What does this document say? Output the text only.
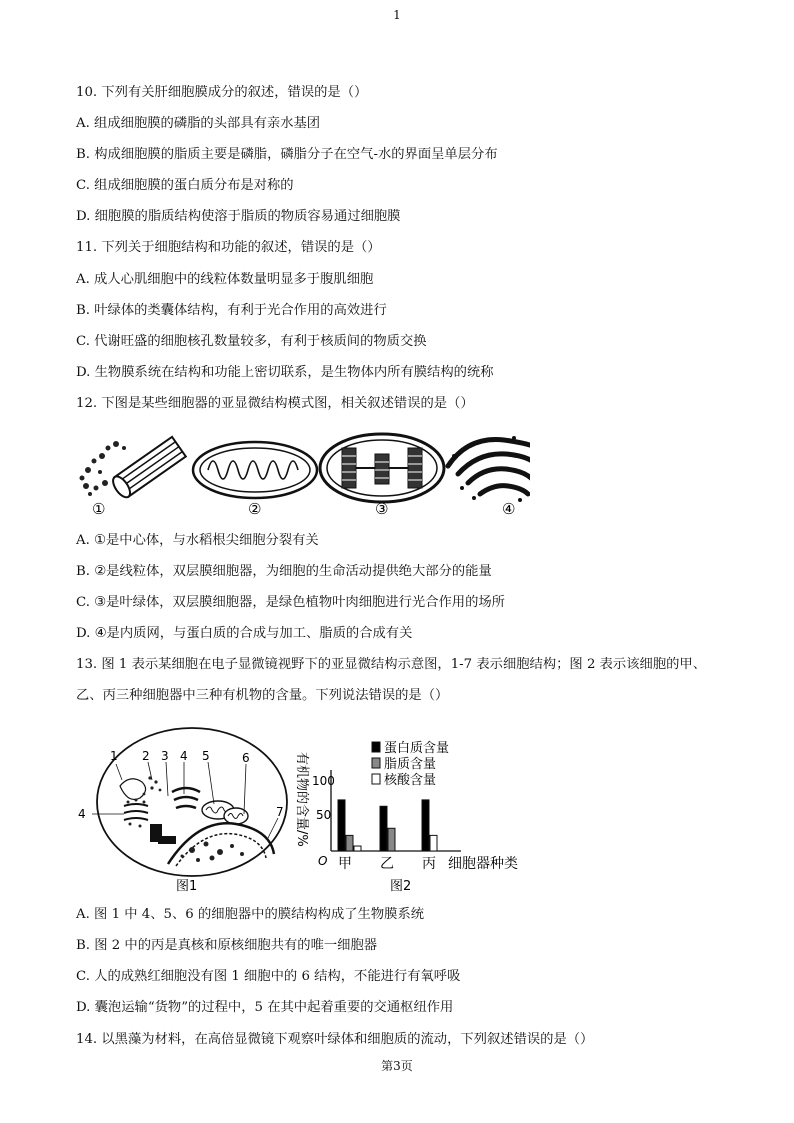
1
10. 下列有关肝细胞膜成分的叙述，错误的是（）
A. 组成细胞膜的磷脂的头部具有亲水基团
B. 构成细胞膜的脂质主要是磷脂，磷脂分子在空气-水的界面呈单层分布
C. 组成细胞膜的蛋白质分布是对称的
D. 细胞膜的脂质结构使溶于脂质的物质容易通过细胞膜
11. 下列关于细胞结构和功能的叙述，错误的是（）
A. 成人心肌细胞中的线粒体数量明显多于腹肌细胞
B. 叶绿体的类囊体结构，有利于光合作用的高效进行
C. 代谢旺盛的细胞核孔数量较多，有利于核质间的物质交换
D. 生物膜系统在结构和功能上密切联系，是生物体内所有膜结构的统称
12. 下图是某些细胞器的亚显微结构模式图，相关叙述错误的是（）
①	②	③	④
A. ①是中心体，与水稻根尖细胞分裂有关
B. ②是线粒体，双层膜细胞器，为细胞的生命活动提供绝大部分的能量
C. ③是叶绿体，双层膜细胞器，是绿色植物叶肉细胞进行光合作用的场所
D. ④是内质网，与蛋白质的合成与加工、脂质的合成有关
13. 图 1 表示某细胞在电子显微镜视野下的亚显微结构示意图，1-7 表示细胞结构；图 2 表示该细胞的甲、
乙、丙三种细胞器中三种有机物的含量。下列说法错误的是（）
1 2 3 4 5	6
4	7
图1
有机物的含量/% 100
50
O 甲 乙 丙 细胞器种类
蛋白质含量
脂质含量
核酸含量
图2
A. 图 1 中 4、5、6 的细胞器中的膜结构构成了生物膜系统
B. 图 2 中的丙是真核和原核细胞共有的唯一细胞器
C. 人的成熟红细胞没有图 1 细胞中的 6 结构，不能进行有氧呼吸
D. 囊泡运输“货物”的过程中，5 在其中起着重要的交通枢纽作用
14. 以黑藻为材料，在高倍显微镜下观察叶绿体和细胞质的流动，下列叙述错误的是（）
第3页
